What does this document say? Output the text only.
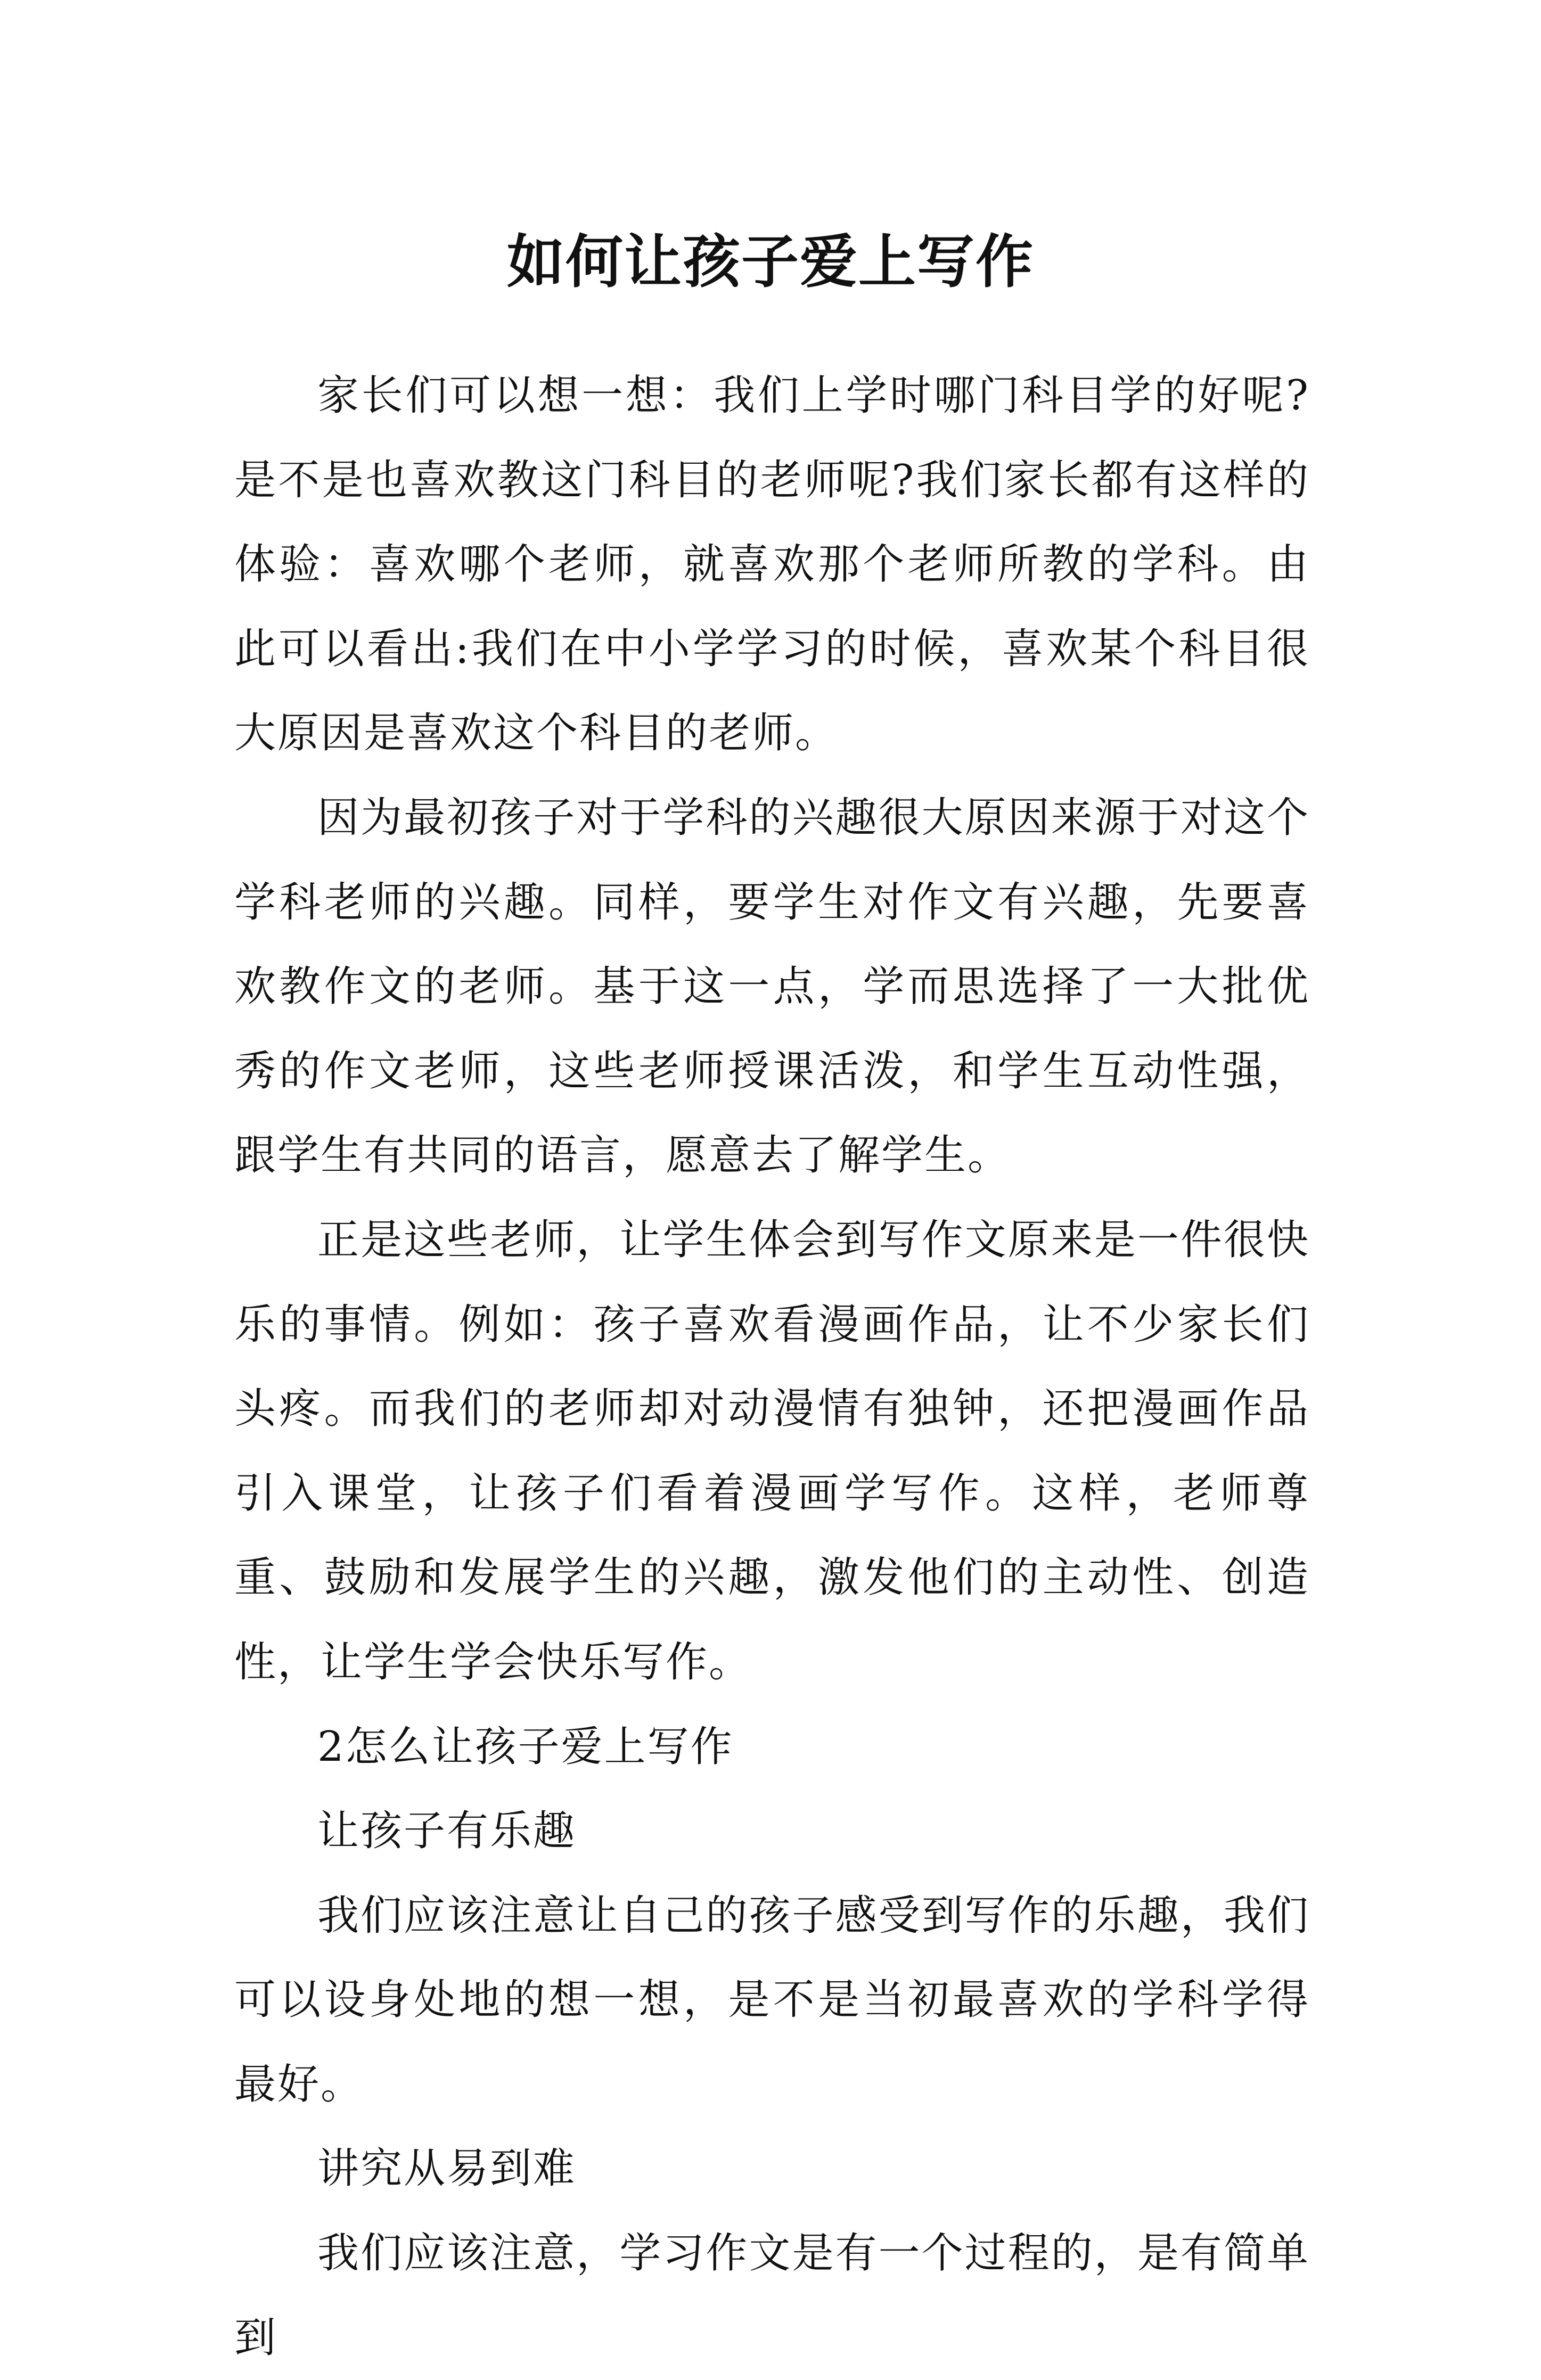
如何让孩子爱上写作

家长们可以想一想：我们上学时哪门科目学的好呢?是不是也喜欢教这门科目的老师呢?我们家长都有这样的体验：喜欢哪个老师，就喜欢那个老师所教的学科。由此可以看出:我们在中小学学习的时候，喜欢某个科目很大原因是喜欢这个科目的老师。

因为最初孩子对于学科的兴趣很大原因来源于对这个学科老师的兴趣。同样，要学生对作文有兴趣，先要喜欢教作文的老师。基于这一点，学而思选择了一大批优秀的作文老师，这些老师授课活泼，和学生互动性强，跟学生有共同的语言，愿意去了解学生。

正是这些老师，让学生体会到写作文原来是一件很快乐的事情。例如：孩子喜欢看漫画作品，让不少家长们头疼。而我们的老师却对动漫情有独钟，还把漫画作品引入课堂，让孩子们看着漫画学写作。这样，老师尊重、鼓励和发展学生的兴趣，激发他们的主动性、创造性，让学生学会快乐写作。

2怎么让孩子爱上写作

让孩子有乐趣

我们应该注意让自己的孩子感受到写作的乐趣，我们可以设身处地的想一想，是不是当初最喜欢的学科学得最好。

讲究从易到难

我们应该注意，学习作文是有一个过程的，是有简单到
